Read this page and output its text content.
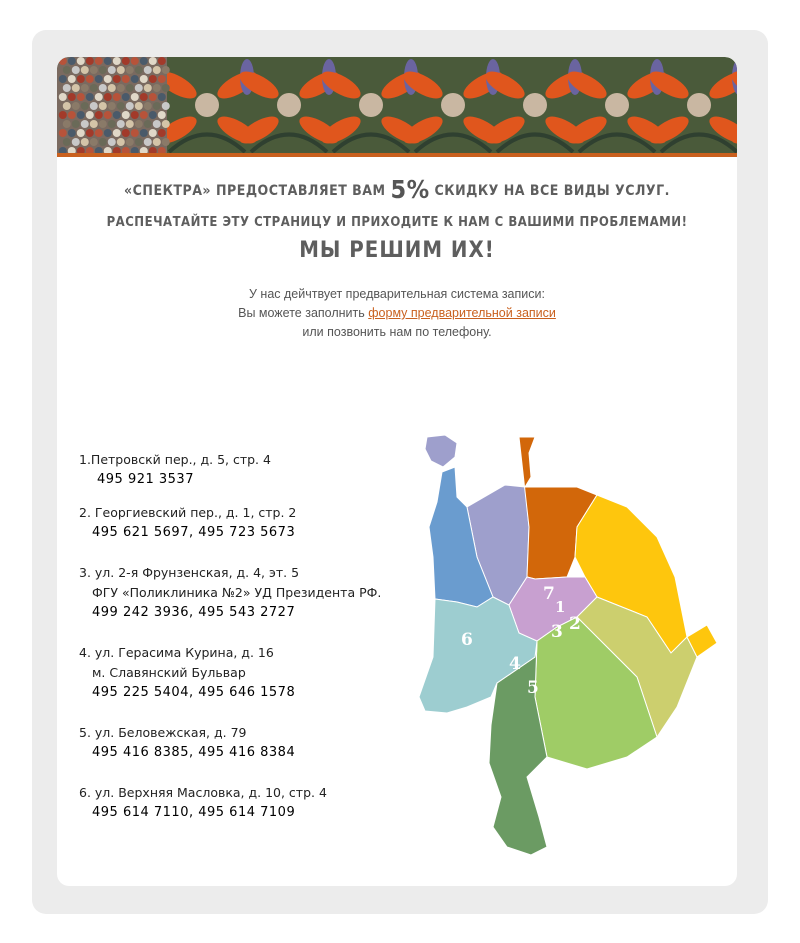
«СПЕКТРА» ПРЕДОСТАВЛЯЕТ ВАМ 5% СКИДКУ НА ВСЕ ВИДЫ УСЛУГ.
РАСПЕЧАТАЙТЕ ЭТУ СТРАНИЦУ И ПРИХОДИТЕ К НАМ С ВАШИМИ ПРОБЛЕМАМИ!
МЫ РЕШИМ ИХ!
У нас дейчтвует предварительная система записи:
Вы можете заполнить форму предварительной записи
или позвонить нам по телефону.
1.Петровскй пер., д. 5, стр. 4
495 921 3537
2. Георгиевский пер., д. 1, стр. 2
495 621 5697, 495 723 5673
3. ул. 2-я Фрунзенская, д. 4, эт. 5
ФГУ «Поликлиника №2» УД Президента РФ.
499 242 3936, 495 543 2727
4. ул. Герасима Курина, д. 16
м. Славянский Бульвар
495 225 5404, 495 646 1578
5. ул. Беловежская, д. 79
495 416 8385, 495 416 8384
6. ул. Верхняя Масловка, д. 10, стр. 4
495 614 7110, 495 614 7109
1
2
3
4
5
6
7
